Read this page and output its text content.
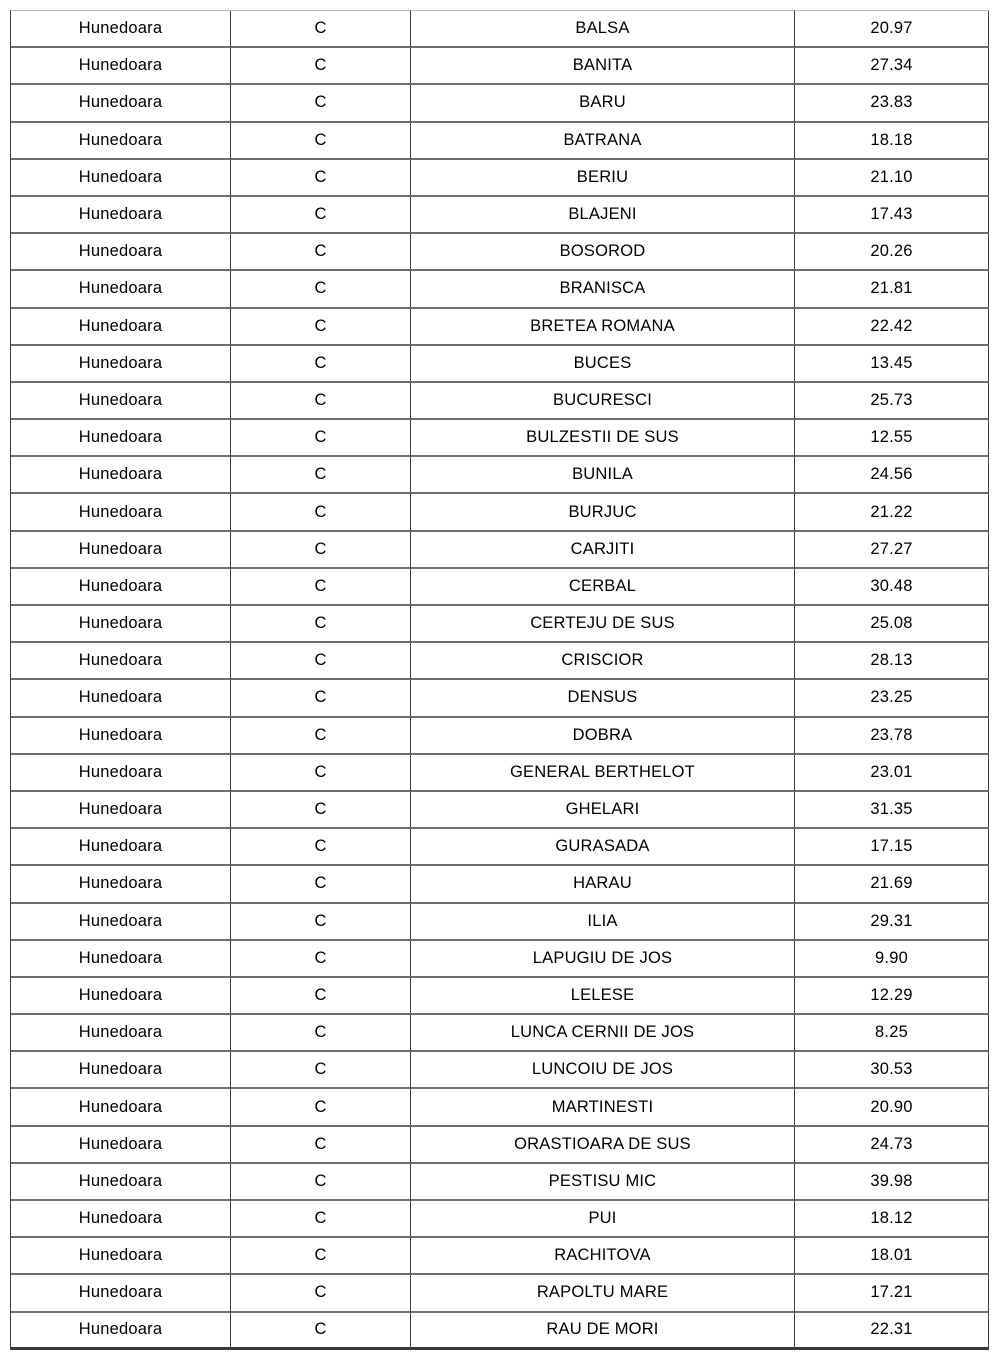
Hunedoara	C	BALSA	20.97
Hunedoara	C	BANITA	27.34
Hunedoara	C	BARU	23.83
Hunedoara	C	BATRANA	18.18
Hunedoara	C	BERIU	21.10
Hunedoara	C	BLAJENI	17.43
Hunedoara	C	BOSOROD	20.26
Hunedoara	C	BRANISCA	21.81
Hunedoara	C	BRETEA ROMANA	22.42
Hunedoara	C	BUCES	13.45
Hunedoara	C	BUCURESCI	25.73
Hunedoara	C	BULZESTII DE SUS	12.55
Hunedoara	C	BUNILA	24.56
Hunedoara	C	BURJUC	21.22
Hunedoara	C	CARJITI	27.27
Hunedoara	C	CERBAL	30.48
Hunedoara	C	CERTEJU DE SUS	25.08
Hunedoara	C	CRISCIOR	28.13
Hunedoara	C	DENSUS	23.25
Hunedoara	C	DOBRA	23.78
Hunedoara	C	GENERAL BERTHELOT	23.01
Hunedoara	C	GHELARI	31.35
Hunedoara	C	GURASADA	17.15
Hunedoara	C	HARAU	21.69
Hunedoara	C	ILIA	29.31
Hunedoara	C	LAPUGIU DE JOS	9.90
Hunedoara	C	LELESE	12.29
Hunedoara	C	LUNCA CERNII DE JOS	8.25
Hunedoara	C	LUNCOIU DE JOS	30.53
Hunedoara	C	MARTINESTI	20.90
Hunedoara	C	ORASTIOARA DE SUS	24.73
Hunedoara	C	PESTISU MIC	39.98
Hunedoara	C	PUI	18.12
Hunedoara	C	RACHITOVA	18.01
Hunedoara	C	RAPOLTU MARE	17.21
Hunedoara	C	RAU DE MORI	22.31
